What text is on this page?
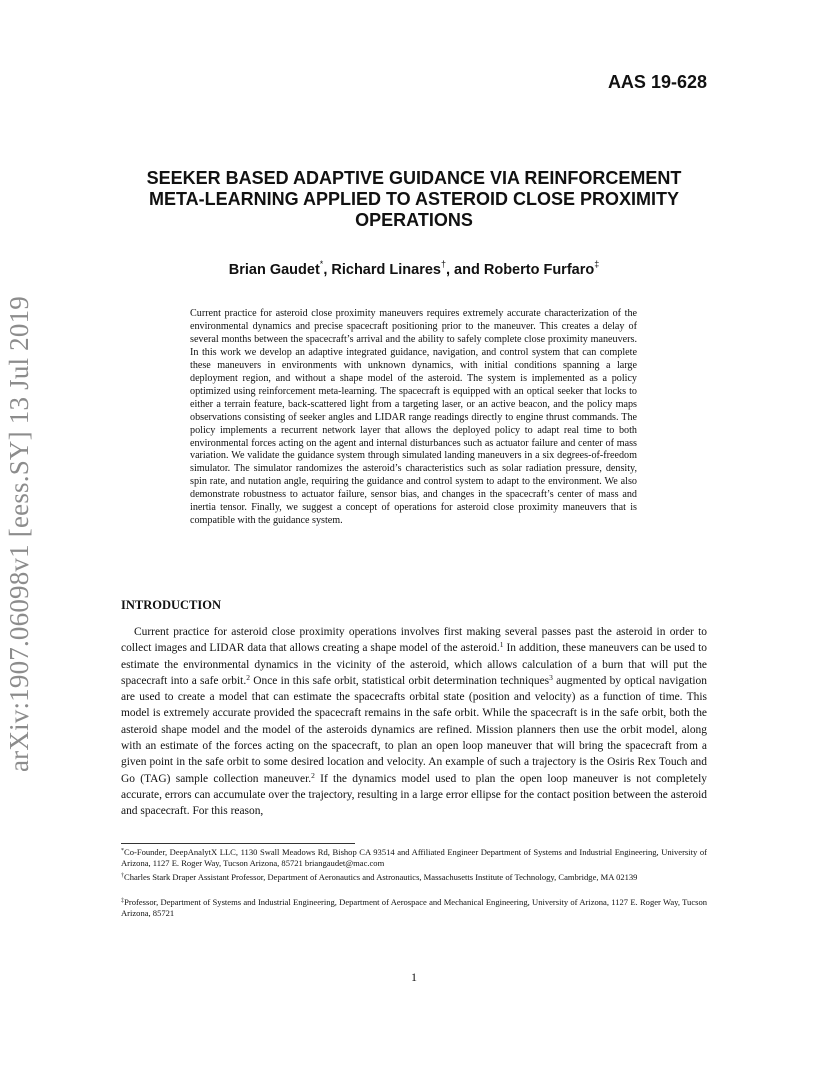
AAS 19-628
SEEKER BASED ADAPTIVE GUIDANCE VIA REINFORCEMENT META-LEARNING APPLIED TO ASTEROID CLOSE PROXIMITY OPERATIONS
Brian Gaudet*, Richard Linares†, and Roberto Furfaro‡
arXiv:1907.06098v1 [eess.SY] 13 Jul 2019	Current practice for asteroid close proximity maneuvers requires extremely accurate characterization of the environmental dynamics and precise spacecraft positioning prior to the maneuver. This creates a delay of several months between the spacecraft’s arrival and the ability to safely complete close proximity maneuvers. In this work we develop an adaptive integrated guidance, navigation, and control system that can complete these maneuvers in environments with unknown dynamics, with initial conditions spanning a large deployment region, and without a shape model of the asteroid. The system is implemented as a policy optimized using reinforcement meta-learning. The spacecraft is equipped with an optical seeker that locks to either a terrain feature, back-scattered light from a targeting laser, or an active beacon, and the policy maps observations consisting of seeker angles and LIDAR range readings directly to engine thrust commands. The policy implements a recurrent network layer that allows the deployed policy to adapt real time to both environmental forces acting on the agent and internal disturbances such as actuator failure and center of mass variation. We validate the guidance system through simulated landing maneuvers in a six degrees-of-freedom simulator. The simulator randomizes the asteroid’s characteristics such as solar radiation pressure, density, spin rate, and nutation angle, requiring the guidance and control system to adapt to the environment. We also demonstrate robustness to actuator failure, sensor bias, and changes in the spacecraft’s center of mass and inertia tensor. Finally, we suggest a concept of operations for asteroid close proximity maneuvers that is compatible with the guidance system.
INTRODUCTION
Current practice for asteroid close proximity operations involves first making several passes past the asteroid in order to collect images and LIDAR data that allows creating a shape model of the asteroid.$^1$ In addition, these maneuvers can be used to estimate the environmental dynamics in the vicinity of the asteroid, which allows calculation of a burn that will put the spacecraft into a safe orbit.$^2$ Once in this safe orbit, statistical orbit determination techniques$^3$ augmented by optical navigation are used to create a model that can estimate the spacecrafts orbital state (position and velocity) as a function of time. This model is extremely accurate provided the spacecraft remains in the safe orbit. While the spacecraft is in the safe orbit, both the asteroid shape model and the model of the asteroids dynamics are refined. Mission planners then use the orbit model, along with an estimate of the forces acting on the spacecraft, to plan an open loop maneuver that will bring the spacecraft from a given point in the safe orbit to some desired location and velocity. An example of such a trajectory is the Osiris Rex Touch and Go (TAG) sample collection maneuver.$^2$ If the dynamics model used to plan the open loop maneuver is not completely accurate, errors can accumulate over the trajectory, resulting in a large error ellipse for the contact position between the asteroid and spacecraft. For this reason,
*Co-Founder, DeepAnalytX LLC, 1130 Swall Meadows Rd, Bishop CA 93514 and Affiliated Engineer Department of Systems and Industrial Engineering, University of Arizona, 1127 E. Roger Way, Tucson Arizona, 85721 briangaudet@mac.com
†Charles Stark Draper Assistant Professor, Department of Aeronautics and Astronautics, Massachusetts Institute of Technology, Cambridge, MA 02139
‡Professor, Department of Systems and Industrial Engineering, Department of Aerospace and Mechanical Engineering, University of Arizona, 1127 E. Roger Way, Tucson Arizona, 85721
1
